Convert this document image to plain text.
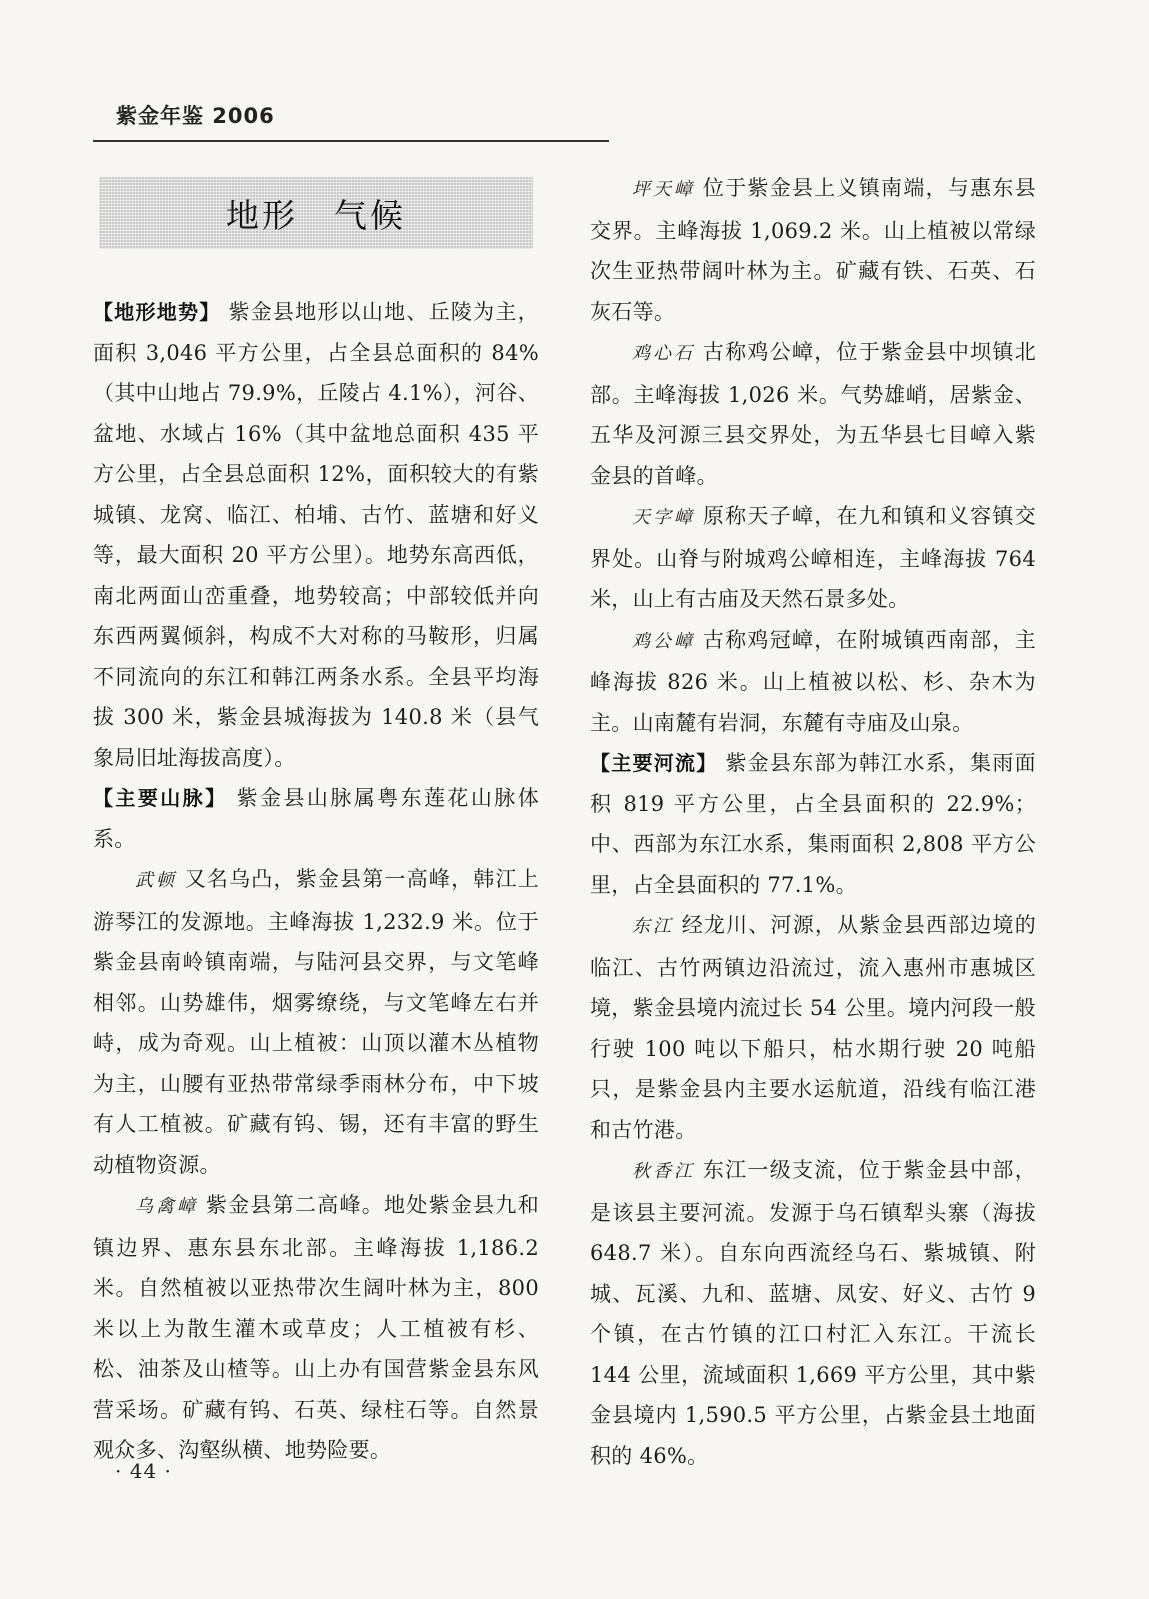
紫金年鉴 2006
地形　气候

【地形地势】 紫金县地形以山地、丘陵为主，面积 3,046 平方公里，占全县总面积的 84%（其中山地占 79.9%，丘陵占 4.1%），河谷、盆地、水域占 16%（其中盆地总面积 435 平方公里，占全县总面积 12%，面积较大的有紫城镇、龙窝、临江、柏埔、古竹、蓝塘和好义等，最大面积 20 平方公里）。地势东高西低，南北两面山峦重叠，地势较高；中部较低并向东西两翼倾斜，构成不大对称的马鞍形，归属不同流向的东江和韩江两条水系。全县平均海拔 300 米，紫金县城海拔为 140.8 米（县气象局旧址海拔高度）。

【主要山脉】 紫金县山脉属粤东莲花山脉体系。

武顿 又名乌凸，紫金县第一高峰，韩江上游琴江的发源地。主峰海拔 1,232.9 米。位于紫金县南岭镇南端，与陆河县交界，与文笔峰相邻。山势雄伟，烟雾缭绕，与文笔峰左右并峙，成为奇观。山上植被：山顶以灌木丛植物为主，山腰有亚热带常绿季雨林分布，中下坡有人工植被。矿藏有钨、锡，还有丰富的野生动植物资源。

乌禽嶂 紫金县第二高峰。地处紫金县九和镇边界、惠东县东北部。主峰海拔 1,186.2 米。自然植被以亚热带次生阔叶林为主，800 米以上为散生灌木或草皮；人工植被有杉、松、油茶及山楂等。山上办有国营紫金县东风营采场。矿藏有钨、石英、绿柱石等。自然景观众多、沟壑纵横、地势险要。

坪天嶂 位于紫金县上义镇南端，与惠东县交界。主峰海拔 1,069.2 米。山上植被以常绿次生亚热带阔叶林为主。矿藏有铁、石英、石灰石等。

鸡心石 古称鸡公嶂，位于紫金县中坝镇北部。主峰海拔 1,026 米。气势雄峭，居紫金、五华及河源三县交界处，为五华县七目嶂入紫金县的首峰。

天字嶂 原称天子嶂，在九和镇和义容镇交界处。山脊与附城鸡公嶂相连，主峰海拔 764 米，山上有古庙及天然石景多处。

鸡公嶂 古称鸡冠嶂，在附城镇西南部，主峰海拔 826 米。山上植被以松、杉、杂木为主。山南麓有岩洞，东麓有寺庙及山泉。

【主要河流】 紫金县东部为韩江水系，集雨面积 819 平方公里，占全县面积的 22.9%；中、西部为东江水系，集雨面积 2,808 平方公里，占全县面积的 77.1%。

东江 经龙川、河源，从紫金县西部边境的临江、古竹两镇边沿流过，流入惠州市惠城区境，紫金县境内流过长 54 公里。境内河段一般行驶 100 吨以下船只，枯水期行驶 20 吨船只，是紫金县内主要水运航道，沿线有临江港和古竹港。

秋香江 东江一级支流，位于紫金县中部，是该县主要河流。发源于乌石镇犁头寨（海拔 648.7 米）。自东向西流经乌石、紫城镇、附城、瓦溪、九和、蓝塘、凤安、好义、古竹 9 个镇，在古竹镇的江口村汇入东江。干流长 144 公里，流域面积 1,669 平方公里，其中紫金县境内 1,590.5 平方公里，占紫金县土地面积的 46%。

· 44 ·
